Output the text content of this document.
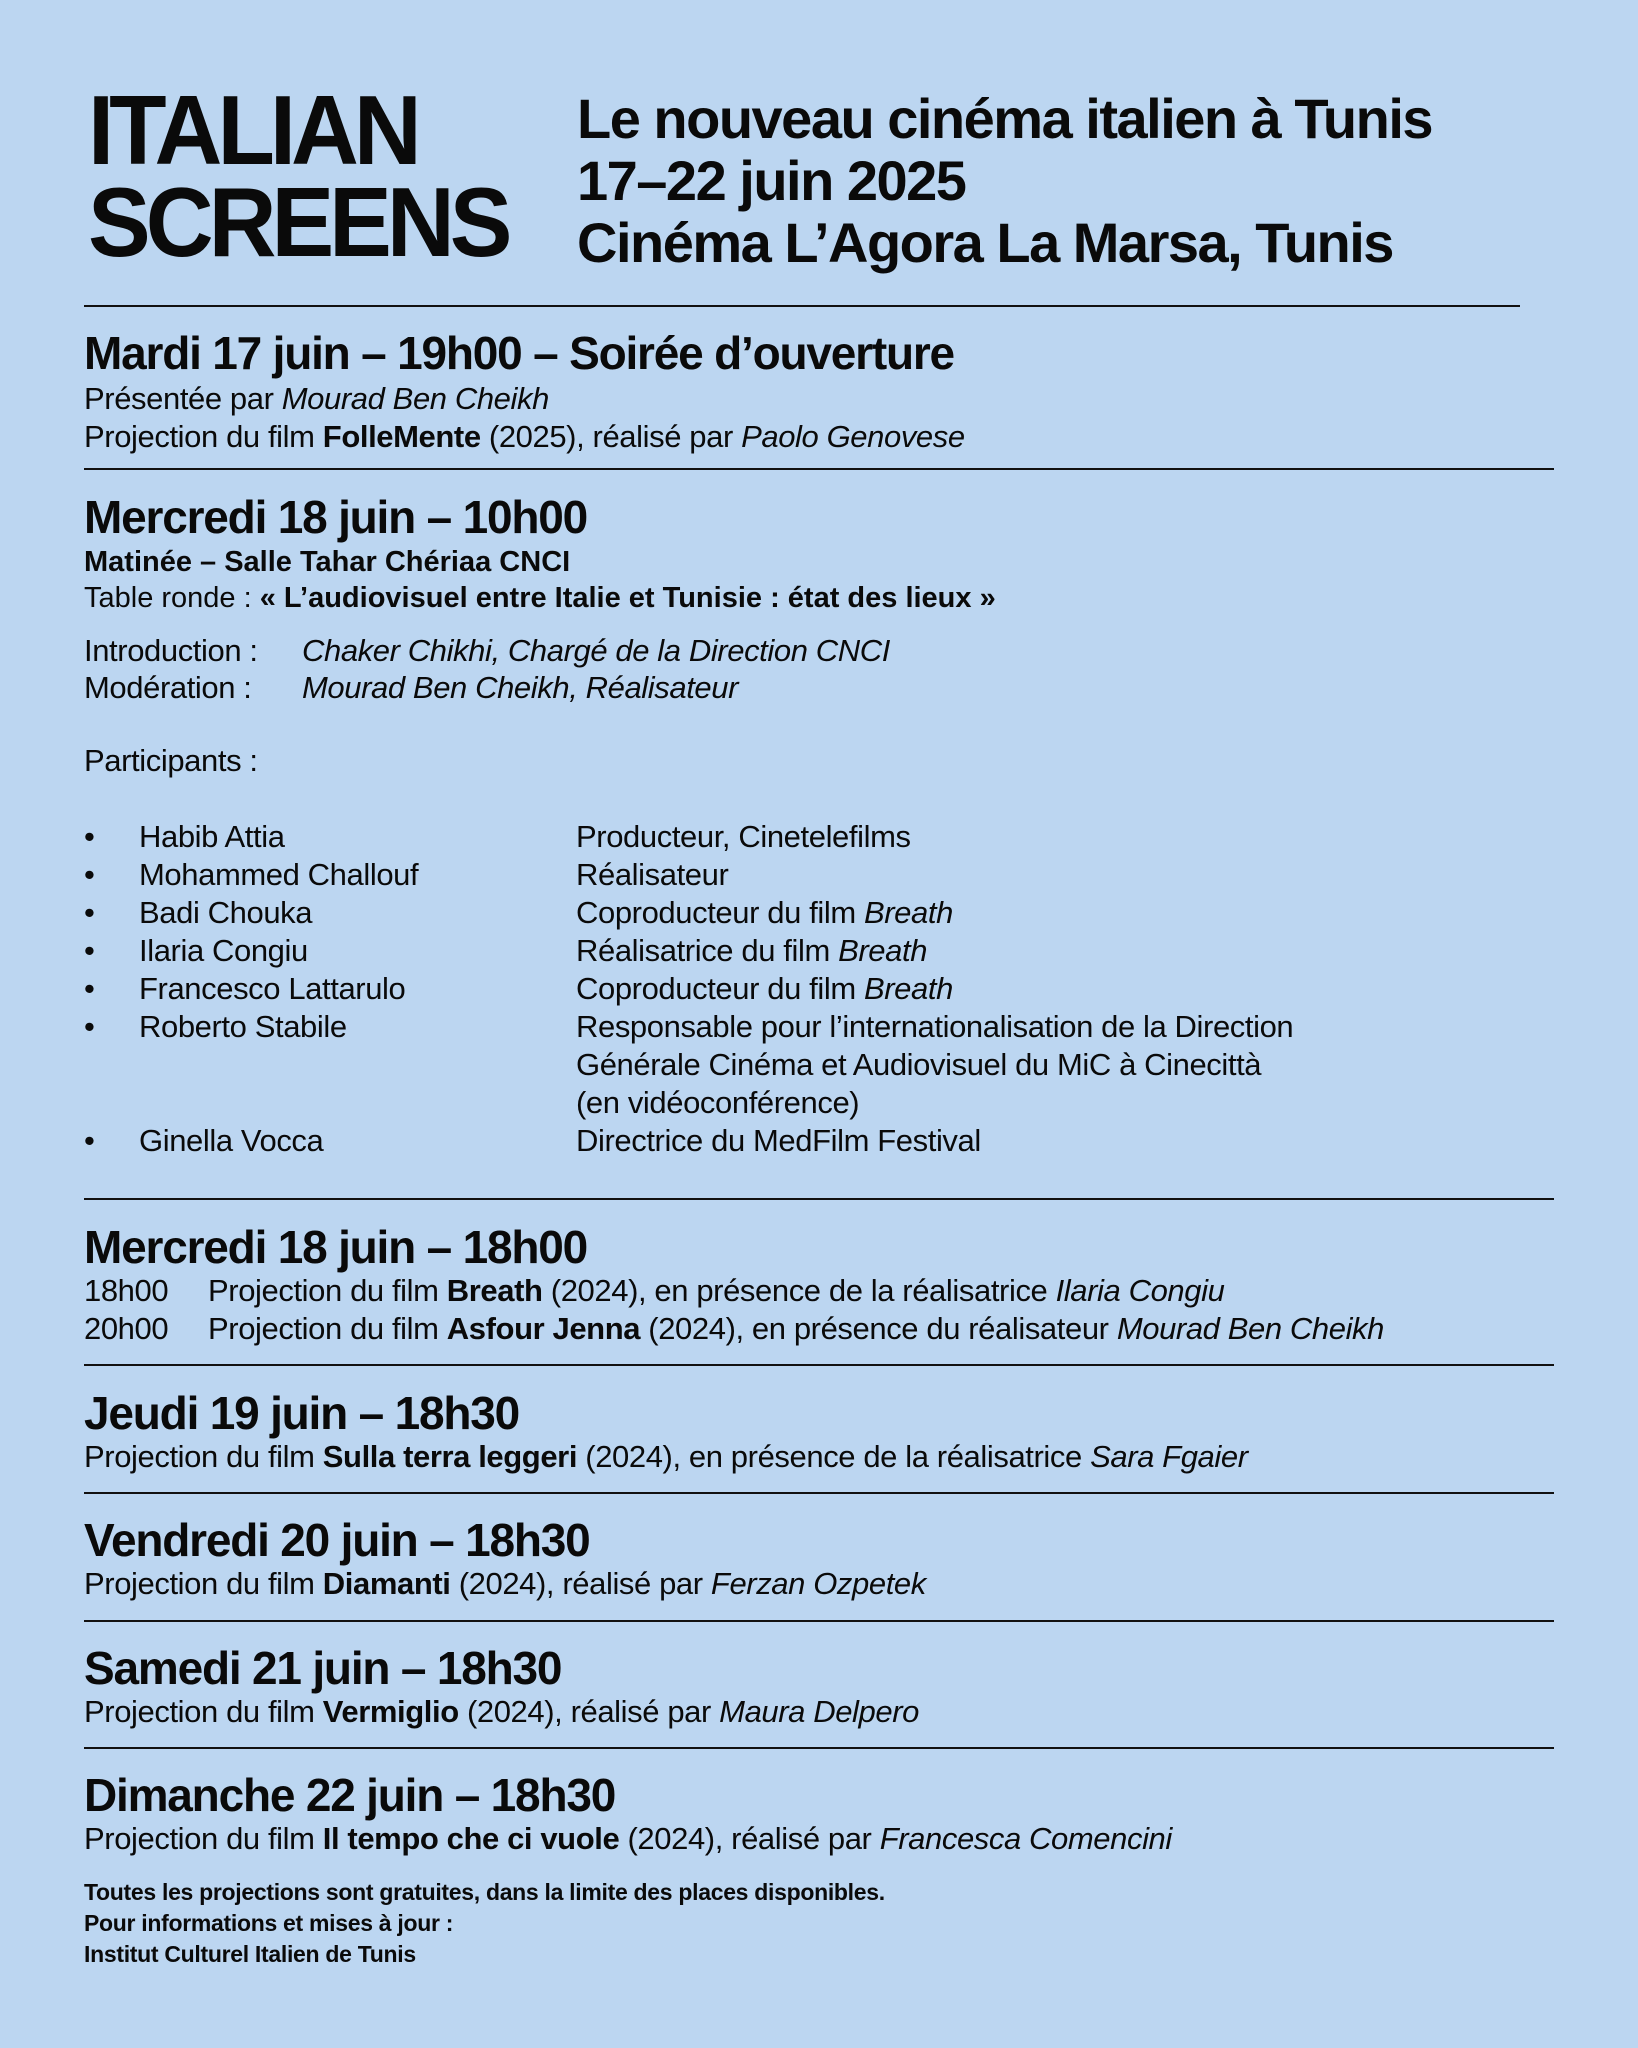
ITALIAN
SCREENS
Le nouveau cinéma italien à Tunis
17–22 juin 2025
Cinéma L’Agora La Marsa, Tunis
Mardi 17 juin – 19h00 – Soirée d’ouverture
Présentée par Mourad Ben Cheikh
Projection du film FolleMente (2025), réalisé par Paolo Genovese
Mercredi 18 juin – 10h00
Matinée – Salle Tahar Chériaa CNCI
Table ronde : « L’audiovisuel entre Italie et Tunisie : état des lieux »
Introduction :	Chaker Chikhi, Chargé de la Direction CNCI
Modération :	Mourad Ben Cheikh, Réalisateur
Participants :
•	Habib Attia	Producteur, Cinetelefilms
•	Mohammed Challouf	Réalisateur
•	Badi Chouka	Coproducteur du film Breath
•	Ilaria Congiu	Réalisatrice du film Breath
•	Francesco Lattarulo	Coproducteur du film Breath
•	Roberto Stabile	Responsable pour l’internationalisation de la Direction
Générale Cinéma et Audiovisuel du MiC à Cinecittà
(en vidéoconférence)
•	Ginella Vocca	Directrice du MedFilm Festival
Mercredi 18 juin – 18h00
18h00	Projection du film Breath (2024), en présence de la réalisatrice Ilaria Congiu
20h00	Projection du film Asfour Jenna (2024), en présence du réalisateur Mourad Ben Cheikh
Jeudi 19 juin – 18h30
Projection du film Sulla terra leggeri (2024), en présence de la réalisatrice Sara Fgaier
Vendredi 20 juin – 18h30
Projection du film Diamanti (2024), réalisé par Ferzan Ozpetek
Samedi 21 juin – 18h30
Projection du film Vermiglio (2024), réalisé par Maura Delpero
Dimanche 22 juin – 18h30
Projection du film Il tempo che ci vuole (2024), réalisé par Francesca Comencini
Toutes les projections sont gratuites, dans la limite des places disponibles.
Pour informations et mises à jour :
Institut Culturel Italien de Tunis
